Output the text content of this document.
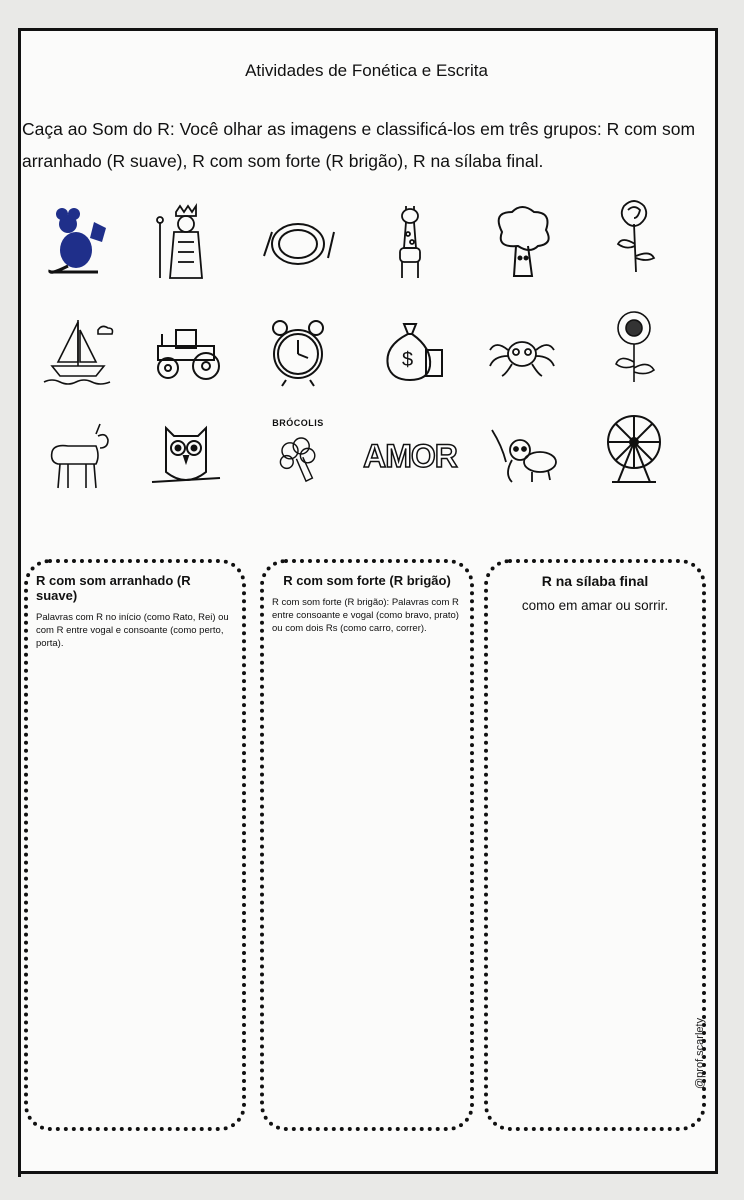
Atividades de Fonética e Escrita
Caça ao Som do R: Você olhar as imagens e classificá-los em três grupos: R com som arranhado (R suave), R com som forte (R brigão), R na sílaba final.
$
BRÓCOLIS
AMOR
R com som arranhado (R suave)
Palavras com R no início (como Rato, Rei) ou com R entre vogal e consoante (como perto, porta).
R com som forte (R brigão)
R com som forte (R brigão): Palavras com R entre consoante e vogal (como bravo, prato) ou com dois Rs (como carro, correr).
R na sílaba final
como em amar ou sorrir.
@prof.scarlety
